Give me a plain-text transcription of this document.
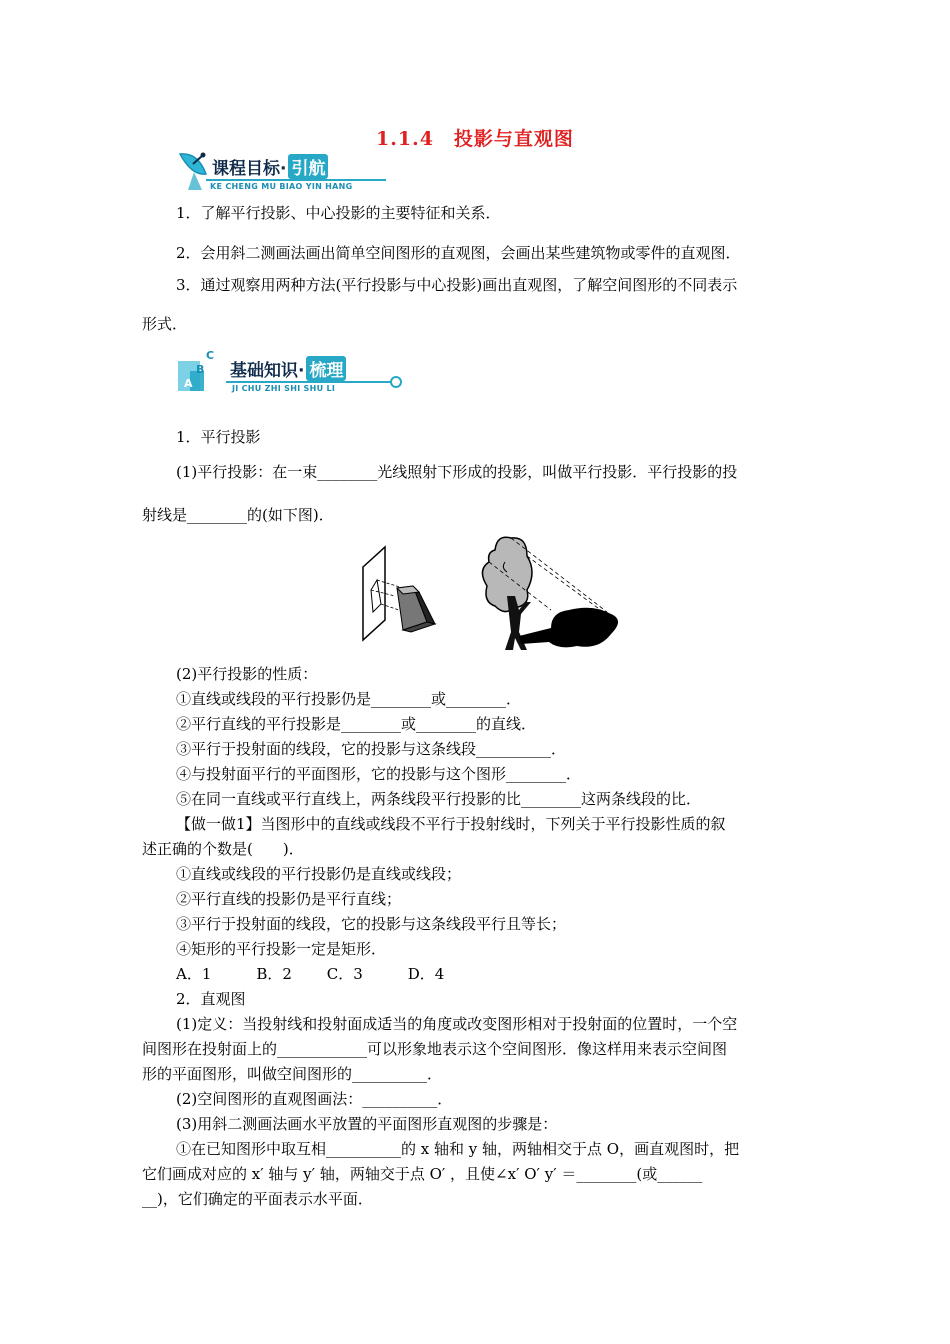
1.1.4　投影与直观图
课程目标· 引航
KE CHENG MU BIAO YIN HANG
1．了解平行投影、中心投影的主要特征和关系．
2．会用斜二测画法画出简单空间图形的直观图，会画出某些建筑物或零件的直观图．
3．通过观察用两种方法(平行投影与中心投影)画出直观图，了解空间图形的不同表示
形式．
C
B
A
基础知识· 梳理
JI CHU ZHI SHI SHU LI
1．平行投影
(1)平行投影：在一束________光线照射下形成的投影，叫做平行投影．平行投影的投
射线是________的(如下图)．
(2)平行投影的性质：
①直线或线段的平行投影仍是________或________．
②平行直线的平行投影是________或________的直线．
③平行于投射面的线段，它的投影与这条线段__________．
④与投射面平行的平面图形，它的投影与这个图形________．
⑤在同一直线或平行直线上，两条线段平行投影的比________这两条线段的比．
【做一做1】当图形中的直线或线段不平行于投射线时，下列关于平行投影性质的叙
述正确的个数是(　　)．
①直线或线段的平行投影仍是直线或线段；
②平行直线的投影仍是平行直线；
③平行于投射面的线段，它的投影与这条线段平行且等长；
④矩形的平行投影一定是矩形．
A．1　　　B．2　　 C．3　　　D．4
2．直观图
(1)定义：当投射线和投射面成适当的角度或改变图形相对于投射面的位置时，一个空
间图形在投射面上的____________可以形象地表示这个空间图形．像这样用来表示空间图
形的平面图形，叫做空间图形的__________．
(2)空间图形的直观图画法：__________．
(3)用斜二测画法画水平放置的平面图形直观图的步骤是：
①在已知图形中取互相__________的 x 轴和 y 轴，两轴相交于点 O，画直观图时，把
它们画成对应的 x′ 轴与 y′ 轴，两轴交于点 O′ ，且使∠x′ O′ y′ ＝________(或______
__)，它们确定的平面表示水平面．
